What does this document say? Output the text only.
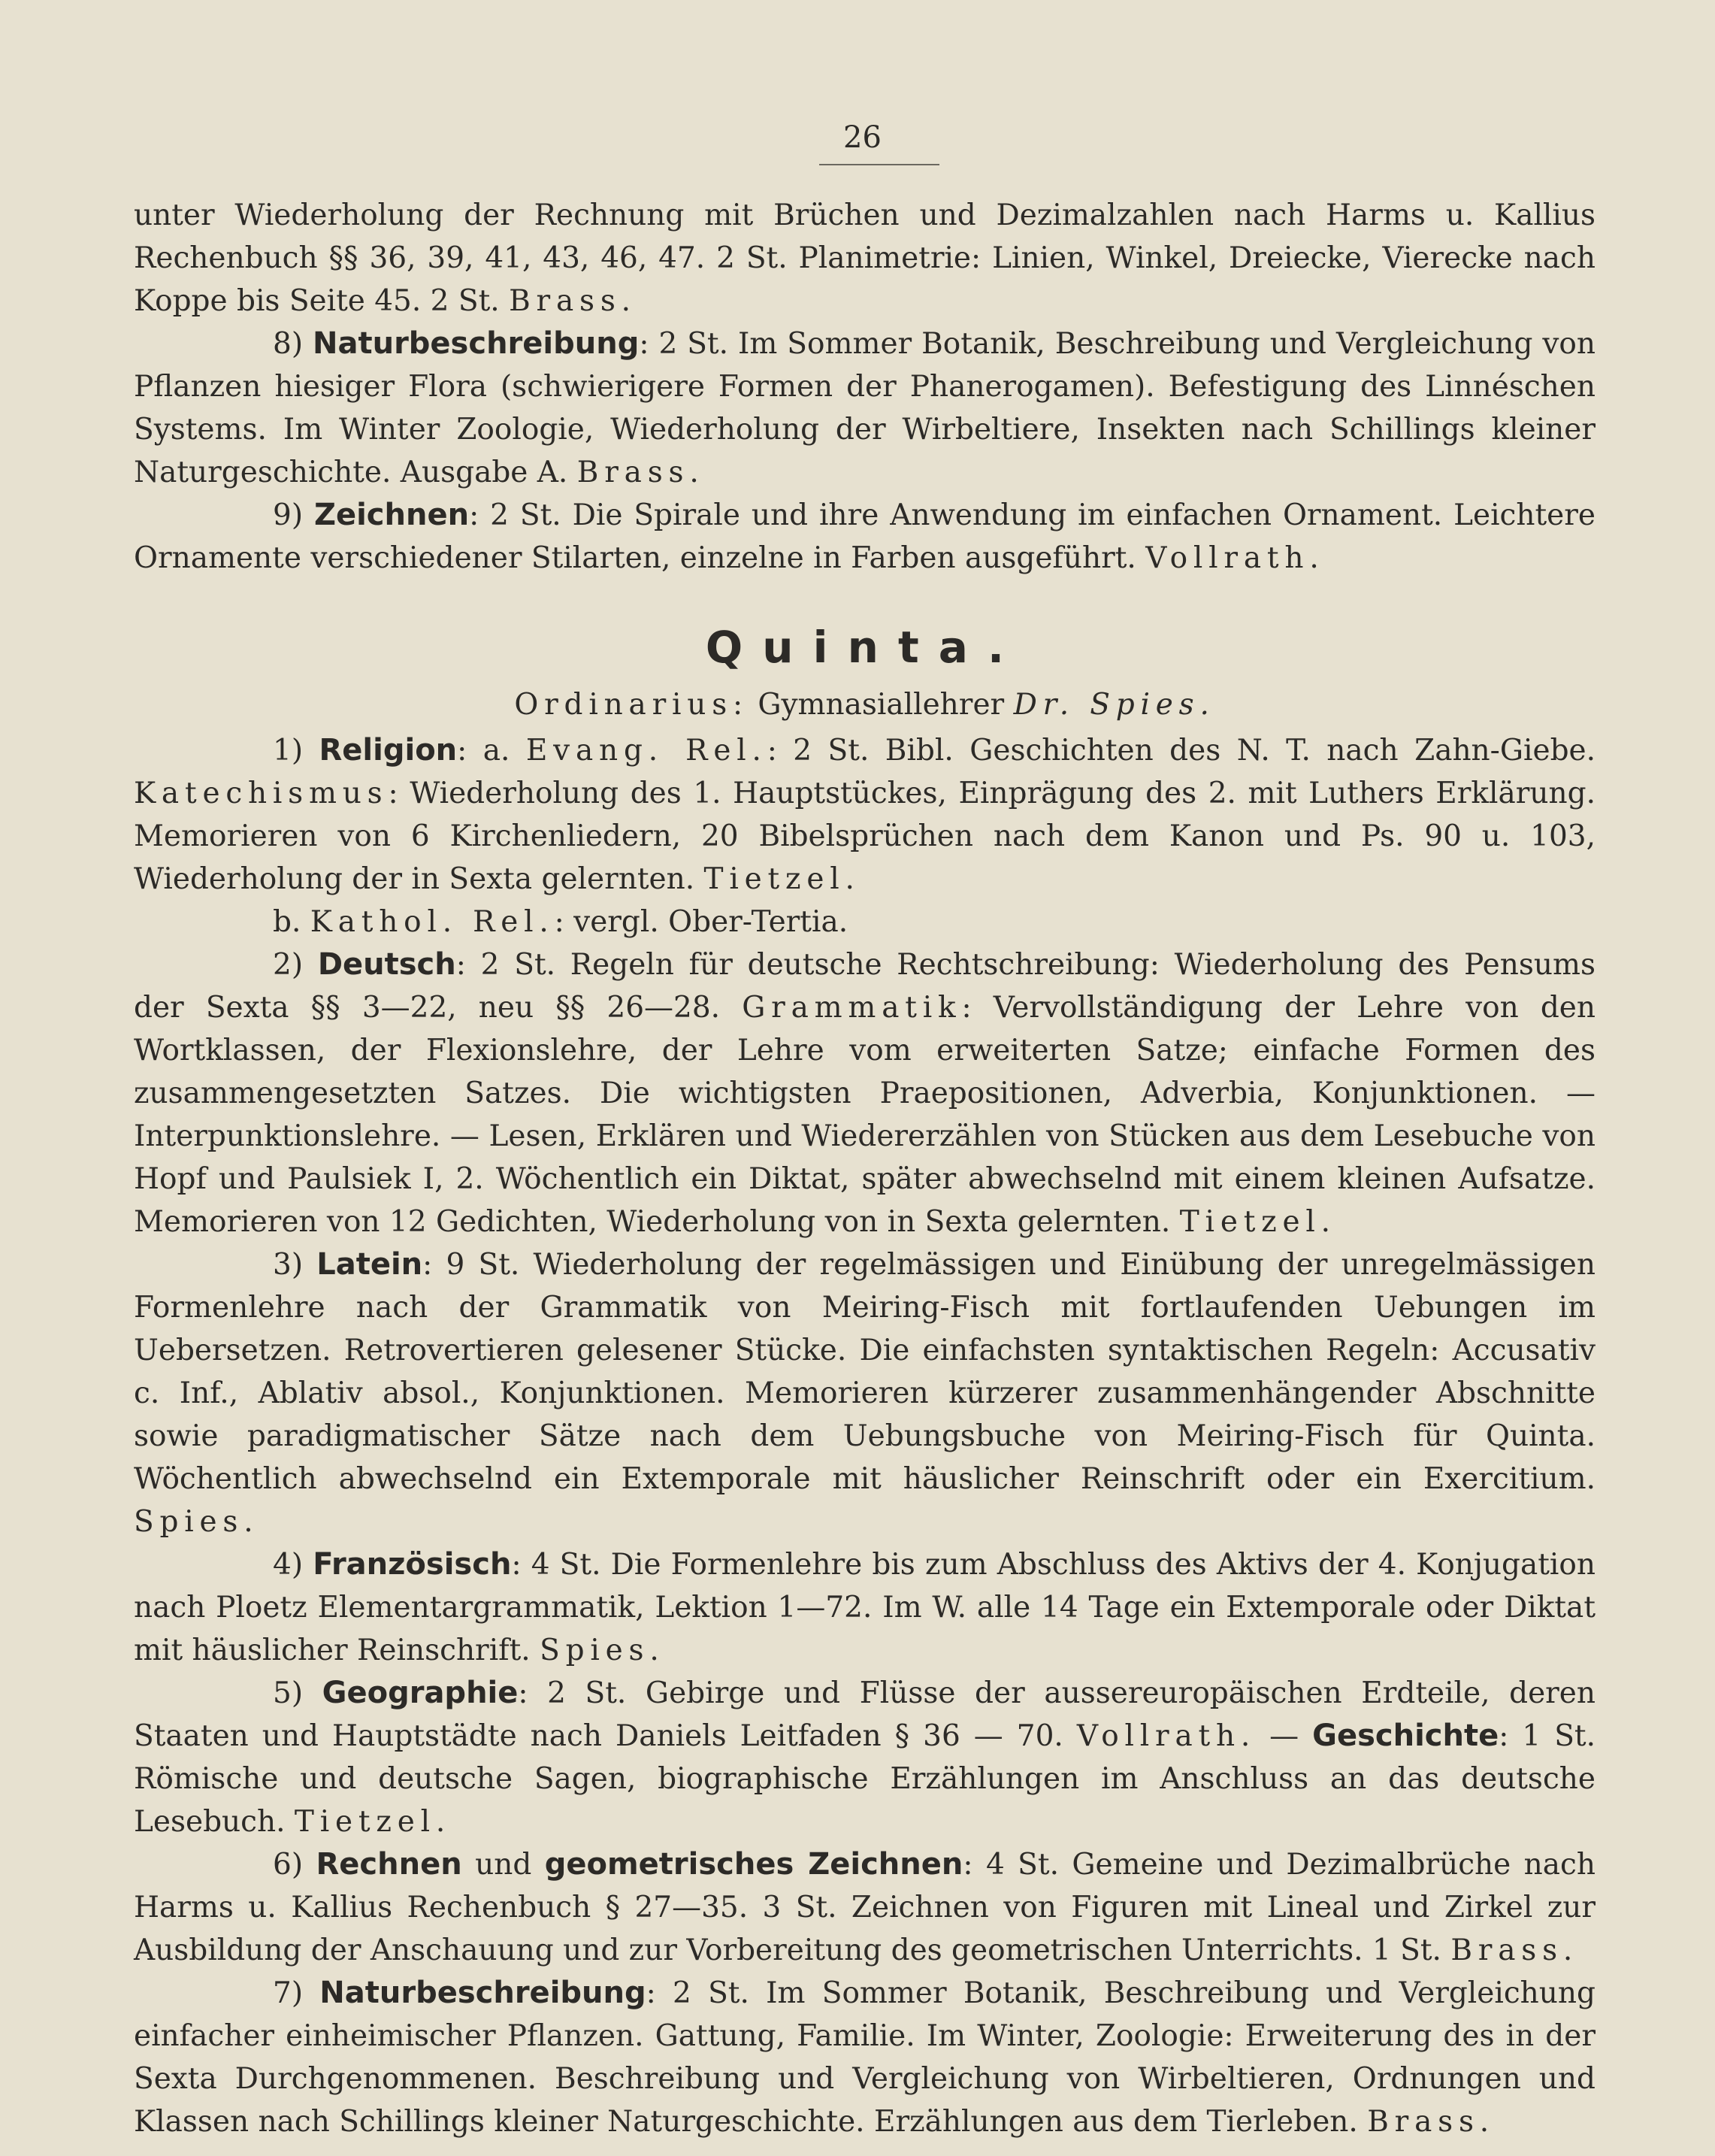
26

unter Wiederholung der Rechnung mit Brüchen und Dezimalzahlen nach Harms u. Kallius Rechenbuch §§ 36, 39, 41, 43, 46, 47. 2 St. Planimetrie: Linien, Winkel, Dreiecke, Vierecke nach Koppe bis Seite 45. 2 St. Brass.

8) Naturbeschreibung: 2 St. Im Sommer Botanik, Beschreibung und Vergleichung von Pflanzen hiesiger Flora (schwierigere Formen der Phanerogamen). Befestigung des Linnéschen Systems. Im Winter Zoologie, Wiederholung der Wirbeltiere, Insekten nach Schillings kleiner Naturgeschichte. Ausgabe A. Brass.

9) Zeichnen: 2 St. Die Spirale und ihre Anwendung im einfachen Ornament. Leichtere Ornamente verschiedener Stilarten, einzelne in Farben ausgeführt. Vollrath.

Quinta.

Ordinarius: Gymnasiallehrer Dr. Spies.

1) Religion: a. Evang. Rel.: 2 St. Bibl. Geschichten des N. T. nach Zahn-Giebe. Katechismus: Wiederholung des 1. Hauptstückes, Einprägung des 2. mit Luthers Erklärung. Memorieren von 6 Kirchenliedern, 20 Bibelsprüchen nach dem Kanon und Ps. 90 u. 103, Wiederholung der in Sexta gelernten. Tietzel.

b. Kathol. Rel.: vergl. Ober-Tertia.

2) Deutsch: 2 St. Regeln für deutsche Rechtschreibung: Wiederholung des Pensums der Sexta §§ 3—22, neu §§ 26—28. Grammatik: Vervollständigung der Lehre von den Wortklassen, der Flexionslehre, der Lehre vom erweiterten Satze; einfache Formen des zusammengesetzten Satzes. Die wichtigsten Praepositionen, Adverbia, Konjunktionen. — Interpunktionslehre. — Lesen, Erklären und Wiedererzählen von Stücken aus dem Lesebuche von Hopf und Paulsiek I, 2. Wöchentlich ein Diktat, später abwechselnd mit einem kleinen Aufsatze. Memorieren von 12 Gedichten, Wiederholung von in Sexta gelernten. Tietzel.

3) Latein: 9 St. Wiederholung der regelmässigen und Einübung der unregelmässigen Formenlehre nach der Grammatik von Meiring-Fisch mit fortlaufenden Uebungen im Uebersetzen. Retrovertieren gelesener Stücke. Die einfachsten syntaktischen Regeln: Accusativ c. Inf., Ablativ absol., Konjunktionen. Memorieren kürzerer zusammenhängender Abschnitte sowie paradigmatischer Sätze nach dem Uebungsbuche von Meiring-Fisch für Quinta. Wöchentlich abwechselnd ein Extemporale mit häuslicher Reinschrift oder ein Exercitium. Spies.

4) Französisch: 4 St. Die Formenlehre bis zum Abschluss des Aktivs der 4. Konjugation nach Ploetz Elementargrammatik, Lektion 1—72. Im W. alle 14 Tage ein Extemporale oder Diktat mit häuslicher Reinschrift. Spies.

5) Geographie: 2 St. Gebirge und Flüsse der aussereuropäischen Erdteile, deren Staaten und Hauptstädte nach Daniels Leitfaden § 36 — 70. Vollrath. — Geschichte: 1 St. Römische und deutsche Sagen, biographische Erzählungen im Anschluss an das deutsche Lesebuch. Tietzel.

6) Rechnen und geometrisches Zeichnen: 4 St. Gemeine und Dezimalbrüche nach Harms u. Kallius Rechenbuch § 27—35. 3 St. Zeichnen von Figuren mit Lineal und Zirkel zur Ausbildung der Anschauung und zur Vorbereitung des geometrischen Unterrichts. 1 St. Brass.

7) Naturbeschreibung: 2 St. Im Sommer Botanik, Beschreibung und Vergleichung einfacher einheimischer Pflanzen. Gattung, Familie. Im Winter, Zoologie: Erweiterung des in der Sexta Durchgenommenen. Beschreibung und Vergleichung von Wirbeltieren, Ordnungen und Klassen nach Schillings kleiner Naturgeschichte. Erzählungen aus dem Tierleben. Brass.
